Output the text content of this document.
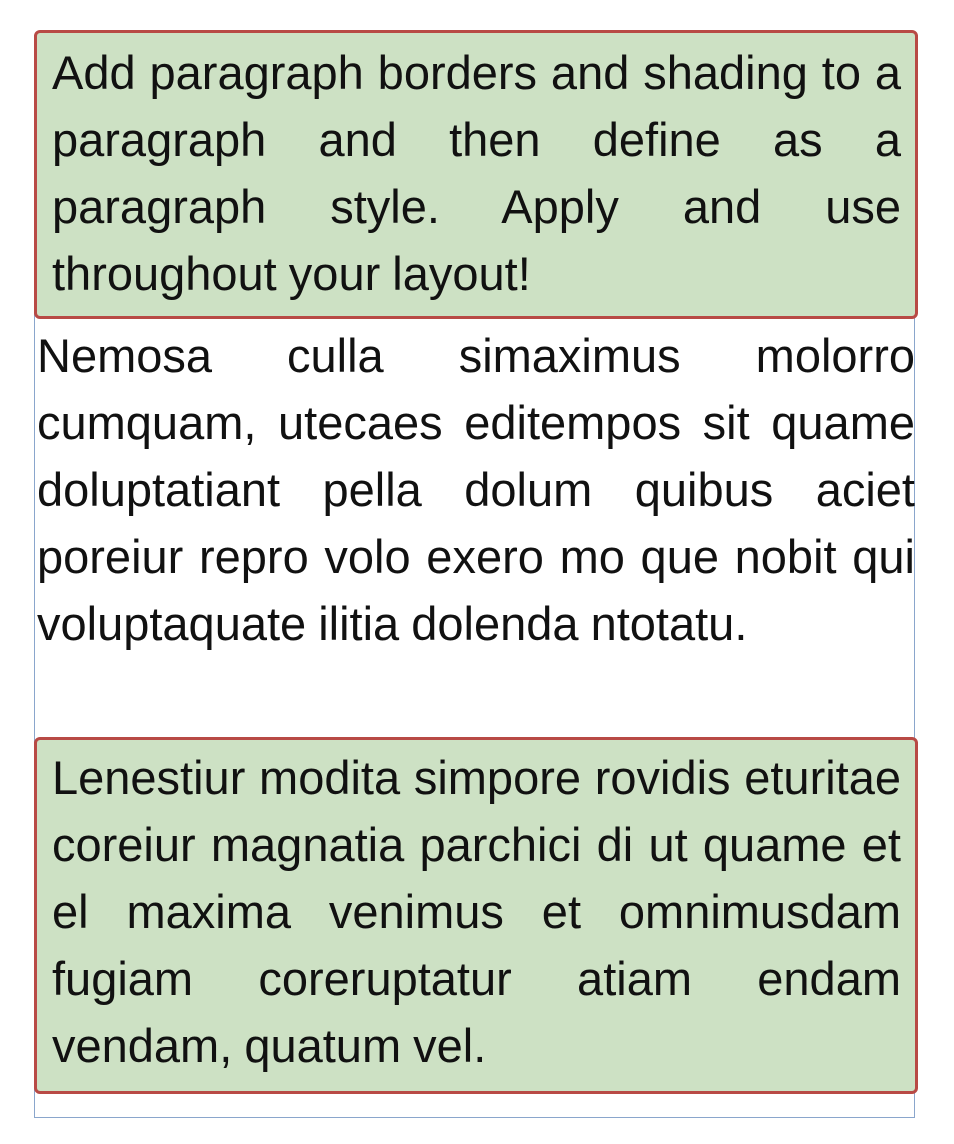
Add paragraph borders and shading to a paragraph and then define as a paragraph style. Apply and use throughout your layout!

Nemosa culla simaximus molorro cumquam, utecaes editempos sit quame doluptatiant pella dolum quibus aciet poreiur repro volo exero mo que nobit qui voluptaquate ilitia dolenda ntotatu.

Lenestiur modita simpore rovidis eturitae coreiur magnatia parchici di ut quame et el maxima venimus et omnimusdam fugiam coreruptatur atiam endam vendam, quatum vel.
